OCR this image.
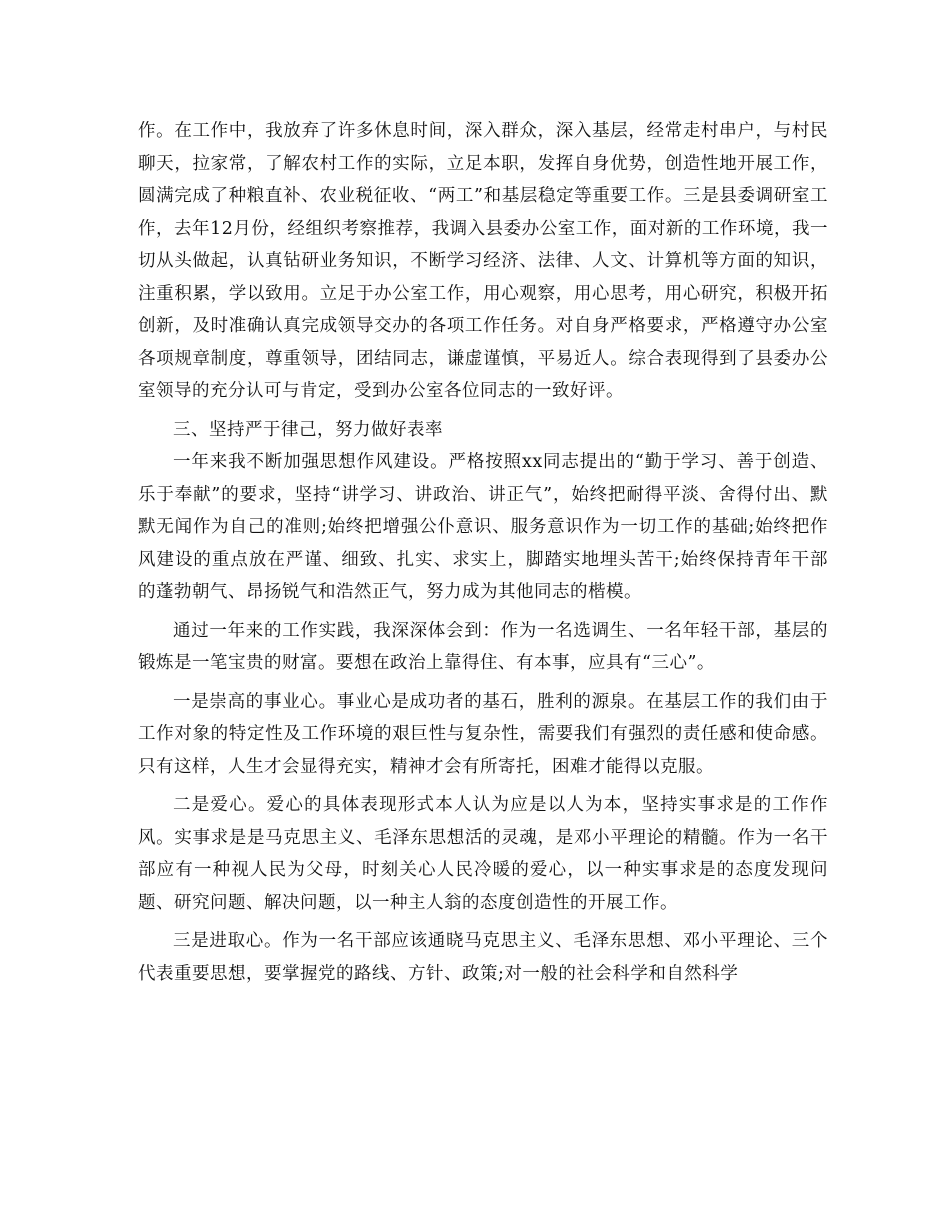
作。在工作中，我放弃了许多休息时间，深入群众，深入基层，经常走村串户，与村民聊天，拉家常，了解农村工作的实际，立足本职，发挥自身优势，创造性地开展工作，圆满完成了种粮直补、农业税征收、“两工”和基层稳定等重要工作。三是县委调研室工作，去年12月份，经组织考察推荐，我调入县委办公室工作，面对新的工作环境，我一切从头做起，认真钻研业务知识，不断学习经济、法律、人文、计算机等方面的知识，注重积累，学以致用。立足于办公室工作，用心观察，用心思考，用心研究，积极开拓创新，及时准确认真完成领导交办的各项工作任务。对自身严格要求，严格遵守办公室各项规章制度，尊重领导，团结同志，谦虚谨慎，平易近人。综合表现得到了县委办公室领导的充分认可与肯定，受到办公室各位同志的一致好评。

三、坚持严于律己，努力做好表率

一年来我不断加强思想作风建设。严格按照xx同志提出的“勤于学习、善于创造、乐于奉献”的要求，坚持“讲学习、讲政治、讲正气”，始终把耐得平淡、舍得付出、默默无闻作为自己的准则;始终把增强公仆意识、服务意识作为一切工作的基础;始终把作风建设的重点放在严谨、细致、扎实、求实上，脚踏实地埋头苦干;始终保持青年干部的蓬勃朝气、昂扬锐气和浩然正气，努力成为其他同志的楷模。

通过一年来的工作实践，我深深体会到：作为一名选调生、一名年轻干部，基层的锻炼是一笔宝贵的财富。要想在政治上靠得住、有本事，应具有“三心”。

一是崇高的事业心。事业心是成功者的基石，胜利的源泉。在基层工作的我们由于工作对象的特定性及工作环境的艰巨性与复杂性，需要我们有强烈的责任感和使命感。只有这样，人生才会显得充实，精神才会有所寄托，困难才能得以克服。

二是爱心。爱心的具体表现形式本人认为应是以人为本，坚持实事求是的工作作风。实事求是是马克思主义、毛泽东思想活的灵魂，是邓小平理论的精髓。作为一名干部应有一种视人民为父母，时刻关心人民冷暖的爱心，以一种实事求是的态度发现问题、研究问题、解决问题，以一种主人翁的态度创造性的开展工作。

三是进取心。作为一名干部应该通晓马克思主义、毛泽东思想、邓小平理论、三个代表重要思想，要掌握党的路线、方针、政策;对一般的社会科学和自然科学
